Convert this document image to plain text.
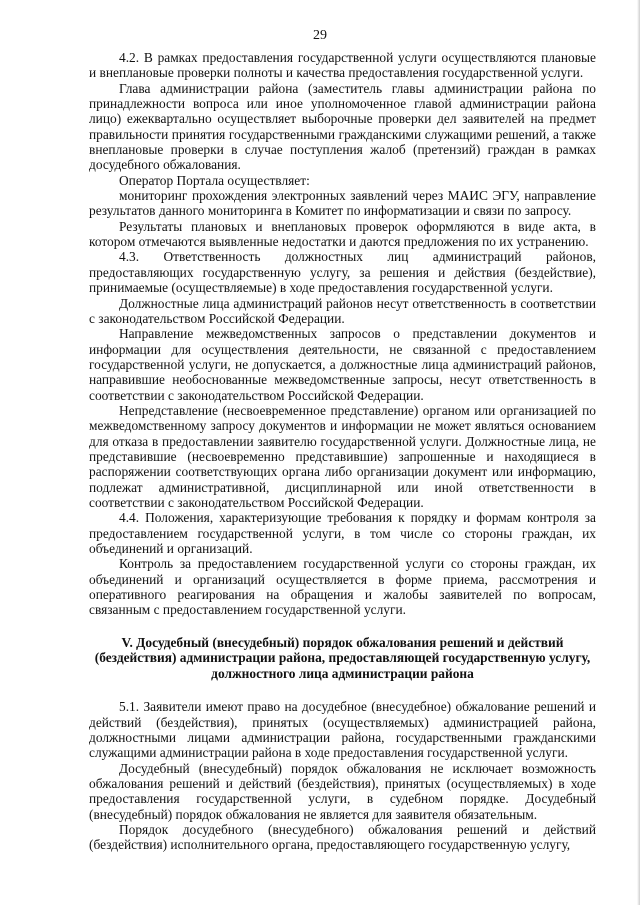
29

4.2. В рамках предоставления государственной услуги осуществляются плановые и внеплановые проверки полноты и качества предоставления государственной услуги.

Глава администрации района (заместитель главы администрации района по принадлежности вопроса или иное уполномоченное главой администрации района лицо) ежеквартально осуществляет выборочные проверки дел заявителей на предмет правильности принятия государственными гражданскими служащими решений, а также внеплановые проверки в случае поступления жалоб (претензий) граждан в рамках досудебного обжалования.

Оператор Портала осуществляет:

мониторинг прохождения электронных заявлений через МАИС ЭГУ, направление результатов данного мониторинга в Комитет по информатизации и связи по запросу.

Результаты плановых и внеплановых проверок оформляются в виде акта, в котором отмечаются выявленные недостатки и даются предложения по их устранению.

4.3. Ответственность должностных лиц администраций районов, предоставляющих государственную услугу, за решения и действия (бездействие), принимаемые (осуществляемые) в ходе предоставления государственной услуги.

Должностные лица администраций районов несут ответственность в соответствии с законодательством Российской Федерации.

Направление межведомственных запросов о представлении документов и информации для осуществления деятельности, не связанной с предоставлением государственной услуги, не допускается, а должностные лица администраций районов, направившие необоснованные межведомственные запросы, несут ответственность в соответствии с законодательством Российской Федерации.

Непредставление (несвоевременное представление) органом или организацией по межведомственному запросу документов и информации не может являться основанием для отказа в предоставлении заявителю государственной услуги. Должностные лица, не представившие (несвоевременно представившие) запрошенные и находящиеся в распоряжении соответствующих органа либо организации документ или информацию, подлежат административной, дисциплинарной или иной ответственности в соответствии с законодательством Российской Федерации.

4.4. Положения, характеризующие требования к порядку и формам контроля за предоставлением государственной услуги, в том числе со стороны граждан, их объединений и организаций.

Контроль за предоставлением государственной услуги со стороны граждан, их объединений и организаций осуществляется в форме приема, рассмотрения и оперативного реагирования на обращения и жалобы заявителей по вопросам, связанным с предоставлением государственной услуги.

V. Досудебный (внесудебный) порядок обжалования решений и действий
(бездействия) администрации района, предоставляющей государственную услугу,
должностного лица администрации района

5.1. Заявители имеют право на досудебное (внесудебное) обжалование решений и действий (бездействия), принятых (осуществляемых) администрацией района, должностными лицами администрации района, государственными гражданскими служащими администрации района в ходе предоставления государственной услуги.

Досудебный (внесудебный) порядок обжалования не исключает возможность обжалования решений и действий (бездействия), принятых (осуществляемых) в ходе предоставления государственной услуги, в судебном порядке. Досудебный (внесудебный) порядок обжалования не является для заявителя обязательным.

Порядок досудебного (внесудебного) обжалования решений и действий (бездействия) исполнительного органа, предоставляющего государственную услугу,
